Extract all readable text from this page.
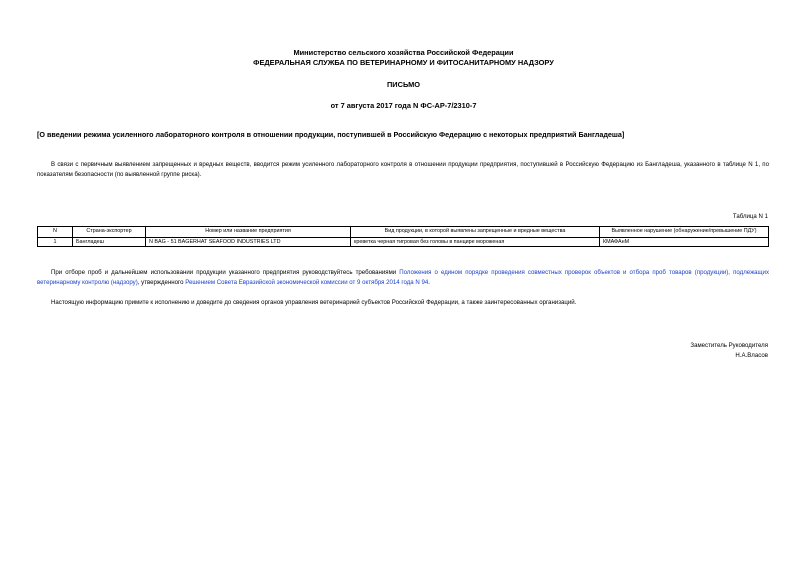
Министерство сельского хозяйства Российской Федерации
ФЕДЕРАЛЬНАЯ СЛУЖБА ПО ВЕТЕРИНАРНОМУ И ФИТОСАНИТАРНОМУ НАДЗОРУ
ПИСЬМО
от 7 августа 2017 года N ФС-АР-7/2310-7
[О введении режима усиленного лабораторного контроля в отношении продукции, поступившей в Российскую Федерацию с некоторых предприятий Бангладеша]
В связи с первичным выявлением запрещенных и вредных веществ, вводится режим усиленного лабораторного контроля в отношении продукции предприятия, поступившей в Российскую Федерацию из Бангладеша, указанного в таблице N 1, по показателям безопасности (по выявленной группе риска).
Таблица N 1
N	Страна-экспортер	Номер или название предприятия	Вид продукции, в которой выявлены запрещенные и вредные вещества	Выявленное нарушение (обнаружение/превышение ПДУ)
1	Бангладеш	N BAG - 51 BAGERHAT SEAFOOD INDUSTRIES LTD	креветка черная тигровая без головы в панцире мороженая	КМАФАнМ
При отборе проб и дальнейшем использовании продукции указанного предприятия руководствуйтесь требованиями Положения о едином порядке проведения совместных проверок объектов и отбора проб товаров (продукции), подлежащих ветеринарному контролю (надзору), утвержденного Решением Совета Евразийской экономической комиссии от 9 октября 2014 года N 94.
Настоящую информацию примите к исполнению и доведите до сведения органов управления ветеринарией субъектов Российской Федерации, а также заинтересованных организаций.
Заместитель Руководителя
Н.А.Власов
